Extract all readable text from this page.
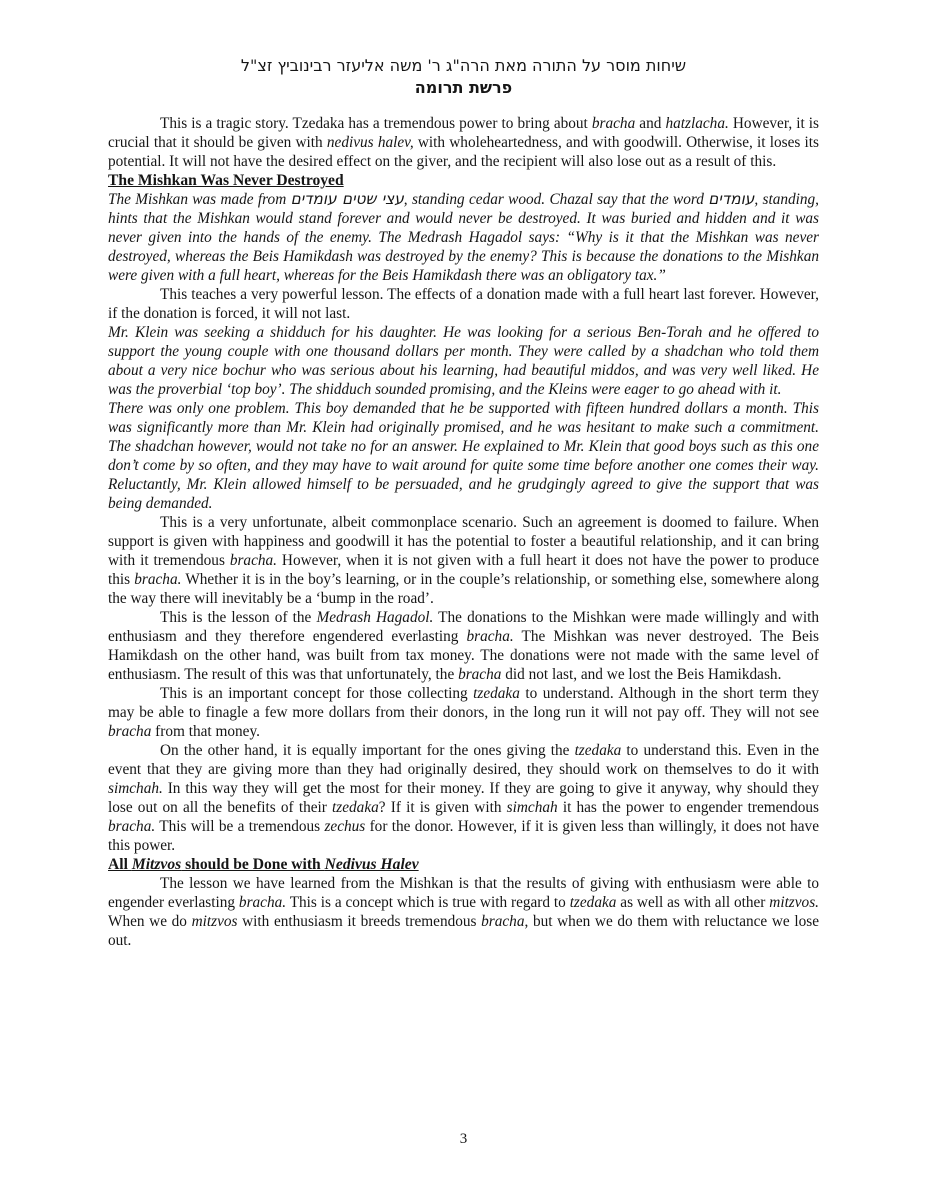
שיחות מוסר על התורה מאת הרה"ג ר' משה אליעזר רבינוביץ זצ"ל
פרשת תרומה

This is a tragic story. Tzedaka has a tremendous power to bring about bracha and hatzlacha. However, it is crucial that it should be given with nedivus halev, with wholeheartedness, and with goodwill. Otherwise, it loses its potential. It will not have the desired effect on the giver, and the recipient will also lose out as a result of this.

The Mishkan Was Never Destroyed

The Mishkan was made from עצי שטים עומדים, standing cedar wood. Chazal say that the word עומדים, standing, hints that the Mishkan would stand forever and would never be destroyed. It was buried and hidden and it was never given into the hands of the enemy. The Medrash Hagadol says: “Why is it that the Mishkan was never destroyed, whereas the Beis Hamikdash was destroyed by the enemy? This is because the donations to the Mishkan were given with a full heart, whereas for the Beis Hamikdash there was an obligatory tax.”

This teaches a very powerful lesson. The effects of a donation made with a full heart last forever. However, if the donation is forced, it will not last.

Mr. Klein was seeking a shidduch for his daughter. He was looking for a serious Ben-Torah and he offered to support the young couple with one thousand dollars per month. They were called by a shadchan who told them about a very nice bochur who was serious about his learning, had beautiful middos, and was very well liked. He was the proverbial ‘top boy’. The shidduch sounded promising, and the Kleins were eager to go ahead with it.

There was only one problem. This boy demanded that he be supported with fifteen hundred dollars a month. This was significantly more than Mr. Klein had originally promised, and he was hesitant to make such a commitment. The shadchan however, would not take no for an answer. He explained to Mr. Klein that good boys such as this one don’t come by so often, and they may have to wait around for quite some time before another one comes their way. Reluctantly, Mr. Klein allowed himself to be persuaded, and he grudgingly agreed to give the support that was being demanded.

This is a very unfortunate, albeit commonplace scenario. Such an agreement is doomed to failure. When support is given with happiness and goodwill it has the potential to foster a beautiful relationship, and it can bring with it tremendous bracha. However, when it is not given with a full heart it does not have the power to produce this bracha. Whether it is in the boy’s learning, or in the couple’s relationship, or something else, somewhere along the way there will inevitably be a ‘bump in the road’.

This is the lesson of the Medrash Hagadol. The donations to the Mishkan were made willingly and with enthusiasm and they therefore engendered everlasting bracha. The Mishkan was never destroyed. The Beis Hamikdash on the other hand, was built from tax money. The donations were not made with the same level of enthusiasm. The result of this was that unfortunately, the bracha did not last, and we lost the Beis Hamikdash.

This is an important concept for those collecting tzedaka to understand. Although in the short term they may be able to finagle a few more dollars from their donors, in the long run it will not pay off. They will not see bracha from that money.

On the other hand, it is equally important for the ones giving the tzedaka to understand this. Even in the event that they are giving more than they had originally desired, they should work on themselves to do it with simchah. In this way they will get the most for their money. If they are going to give it anyway, why should they lose out on all the benefits of their tzedaka? If it is given with simchah it has the power to engender tremendous bracha. This will be a tremendous zechus for the donor. However, if it is given less than willingly, it does not have this power.

All Mitzvos should be Done with Nedivus Halev

The lesson we have learned from the Mishkan is that the results of giving with enthusiasm were able to engender everlasting bracha. This is a concept which is true with regard to tzedaka as well as with all other mitzvos. When we do mitzvos with enthusiasm it breeds tremendous bracha, but when we do them with reluctance we lose out.

3
